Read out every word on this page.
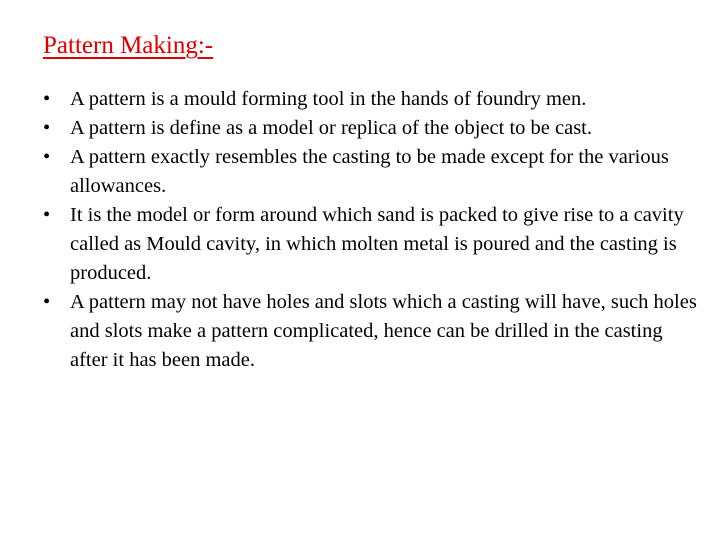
Pattern Making:-
• A pattern is a mould forming tool in the hands of foundry men.
• A pattern is define as a model or replica of the object to be cast.
• A pattern exactly resembles the casting to be made except for the various allowances.
• It is the model or form around which sand is packed to give rise to a cavity called as Mould cavity, in which molten metal is poured and the casting is produced.
• A pattern may not have holes and slots which a casting will have, such holes and slots make a pattern complicated, hence can be drilled in the casting after it has been made.
